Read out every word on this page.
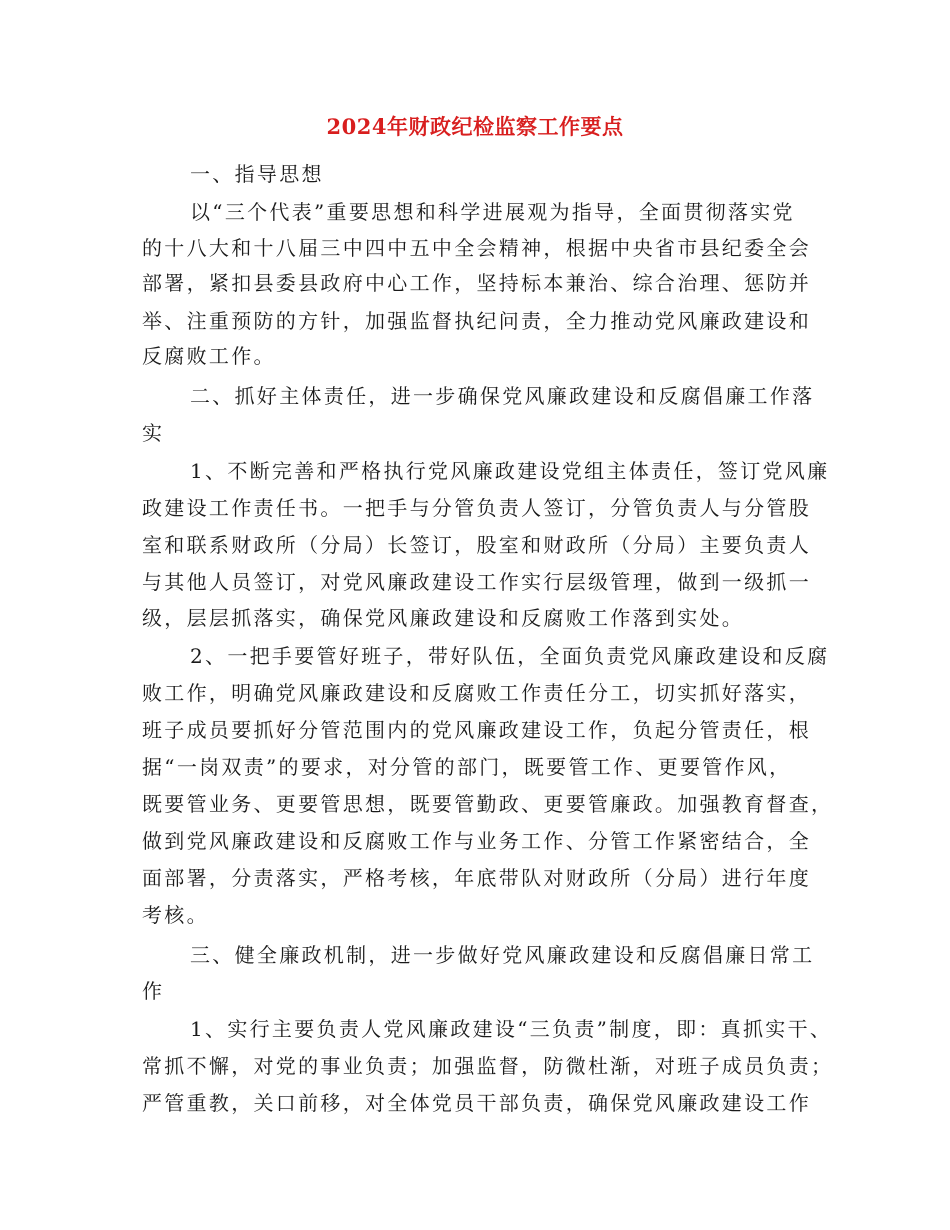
2024年财政纪检监察工作要点
一、指导思想
以“三个代表”重要思想和科学进展观为指导，全面贯彻落实党
的十八大和十八届三中四中五中全会精神，根据中央省市县纪委全会
部署，紧扣县委县政府中心工作，坚持标本兼治、综合治理、惩防并
举、注重预防的方针，加强监督执纪问责，全力推动党风廉政建设和
反腐败工作。
二、抓好主体责任，进一步确保党风廉政建设和反腐倡廉工作落
实
1、不断完善和严格执行党风廉政建设党组主体责任，签订党风廉
政建设工作责任书。一把手与分管负责人签订，分管负责人与分管股
室和联系财政所（分局）长签订，股室和财政所（分局）主要负责人
与其他人员签订，对党风廉政建设工作实行层级管理，做到一级抓一
级，层层抓落实，确保党风廉政建设和反腐败工作落到实处。
2、一把手要管好班子，带好队伍，全面负责党风廉政建设和反腐
败工作，明确党风廉政建设和反腐败工作责任分工，切实抓好落实，
班子成员要抓好分管范围内的党风廉政建设工作，负起分管责任，根
据“一岗双责”的要求，对分管的部门，既要管工作、更要管作风，
既要管业务、更要管思想，既要管勤政、更要管廉政。加强教育督查，
做到党风廉政建设和反腐败工作与业务工作、分管工作紧密结合，全
面部署，分责落实，严格考核，年底带队对财政所（分局）进行年度
考核。
三、健全廉政机制，进一步做好党风廉政建设和反腐倡廉日常工
作
1、实行主要负责人党风廉政建设“三负责”制度，即：真抓实干、
常抓不懈，对党的事业负责；加强监督，防微杜渐，对班子成员负责；
严管重教，关口前移，对全体党员干部负责，确保党风廉政建设工作
